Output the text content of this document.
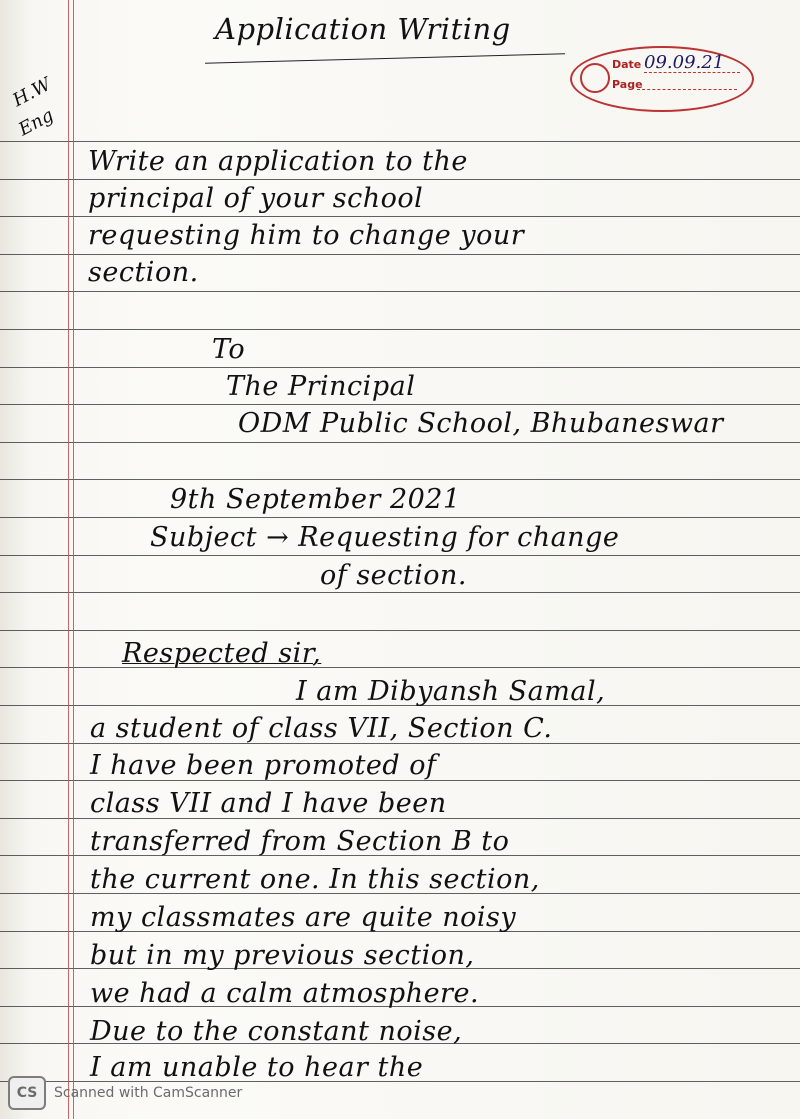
Application Writing
Date
Page
09.09.21
H.W
Eng
Write an application to the
principal of your school
requesting him to change your
section.
To
The Principal
ODM Public School, Bhubaneswar
9th September 2021
Subject → Requesting for change
of section.
Respected sir,
I am Dibyansh Samal,
a student of class VII, Section C.
I have been promoted of
class VII and I have been
transferred from Section B to
the current one. In this section,
my classmates are quite noisy
but in my previous section,
we had a calm atmosphere.
Due to the constant noise,
I am unable to hear the
CS	Scanned with CamScanner
